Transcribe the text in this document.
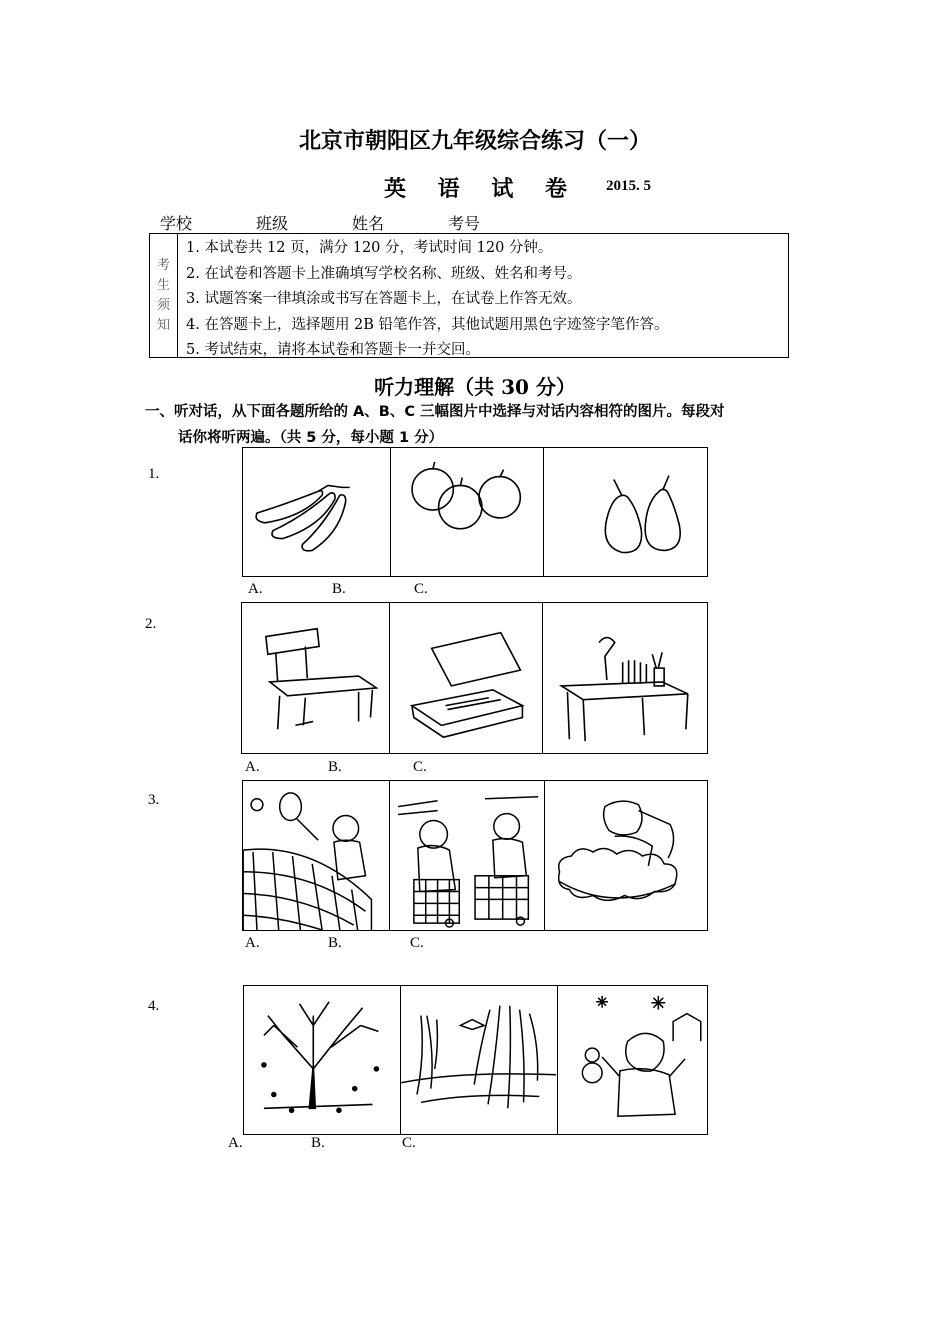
北京市朝阳区九年级综合练习（一）
英 语 试 卷 2015. 5
学校	班级	姓名	考号
考
生
须
知
1. 本试卷共 12 页，满分 120 分，考试时间 120 分钟。
2. 在试卷和答题卡上准确填写学校名称、班级、姓名和考号。
3. 试题答案一律填涂或书写在答题卡上，在试卷上作答无效。
4. 在答题卡上，选择题用 2B 铅笔作答，其他试题用黑色字迹签字笔作答。
5. 考试结束，请将本试卷和答题卡一并交回。
听力理解（共 30 分）
一、听对话，从下面各题所给的 A、B、C 三幅图片中选择与对话内容相符的图片。每段对
话你将听两遍。（共 5 分，每小题 1 分）
1.
A.	B.	C.
2.
A.	B.	C.
3.
A.	B.	C.
4.
A.	B.	C.
